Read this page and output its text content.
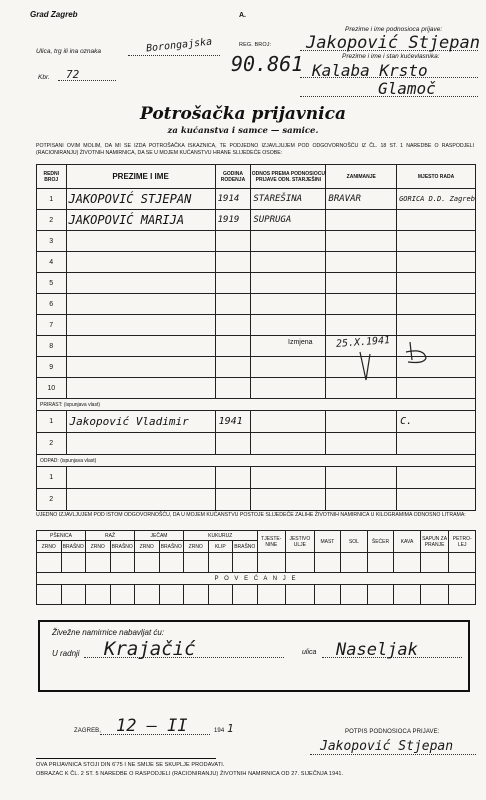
Grad Zagreb	A.
Ulica, trg ili ina oznaka	Borongajska	REG. BROJ:
90.861
Kbr. 72
Prezime i ime podnosioca prijave:
Jakopović Stjepan
Prezime i ime i stan kućevlasnika:
Kalaba Krsto
Glamoč
Potrošačka prijavnica
za kućanstva i samce — samice.
POTPISANI OVIM MOLIM, DA MI SE IZDA POTROŠAČKA ISKAZNICA, TE PODJEDNO IZJAVLJUJEM POD ODGOVORNOŠĆU IZ ČL. 18 ST. 1 NAREDBE O RASPODJELI (RACIONIRANJU) ŽIVOTNIH NAMIRNICA, DA SE U MOJEM KUĆANSTVU HRANE SLIJEDEĆE OSOBE:
REDNI BROJ	PREZIME I IME	GODINA RODENJA	ODNOS PREMA PODNOSIOCU PRIJAVE ODN. STARJEŠINI	ZANIMANJE	MJESTO RADA
1	JAKOPOVIĆ STJEPAN	1914	STAREŠINA	BRAVAR	GORICA D.D. Zagreb
2	JAKOPOVIĆ MARIJA	1919	SUPRUGA		
3					
4					
5					
6					
7					
8					
9					
10					
PRIRAST: (ispunjava vlast)					
1	Jakopović Vladimir	1941			C.
2					
ODPAD: (ispunjava vlast)					
1					
2					
Izmjena 25.X.1941
UJEDNO IZJAVLJUJEM POD ISTOM ODGOVORNOŠĆU, DA U MOJEM KUĆANSTVU POSTOJE SLIJEDEĆE ZALIHE ŽIVOTNIH NAMIRNICA U KILOGRAMIMA ODNOSNO LITRAMA:
PŠENICA		RAŽ		JEČAM		KUKURUZ			TJESTE-NINE	JESTIVO ULJE	MAST	SOL	ŠEĆER	KAVA	SAPUN ZA PRANJE	PETRO-LEJ
ZRNO	BRAŠNO	ZRNO	BRAŠNO	ZRNO	BRAŠNO	ZRNO	KLIP	BRAŠNO								

P O V E Ć A N J E																

Živežne namirnice nabavljat ću:
U radnji Krajačić	ulica Naseljak
ZAGREB, 12 – II	194 1	POTPIS PODNOSIOCA PRIJAVE:
Jakopović Stjepan
OVA PRIJAVNICA STOJI DIN 6'75 I NE SMIJE SE SKUPLJE PRODAVATI.
OBRAZAC K ČL. 2 ST. 5 NAREDBE O RASPODJELI (RACIONIRANJU) ŽIVOTNIH NAMIRNICA OD 27. SIJEČNJA 1941.
